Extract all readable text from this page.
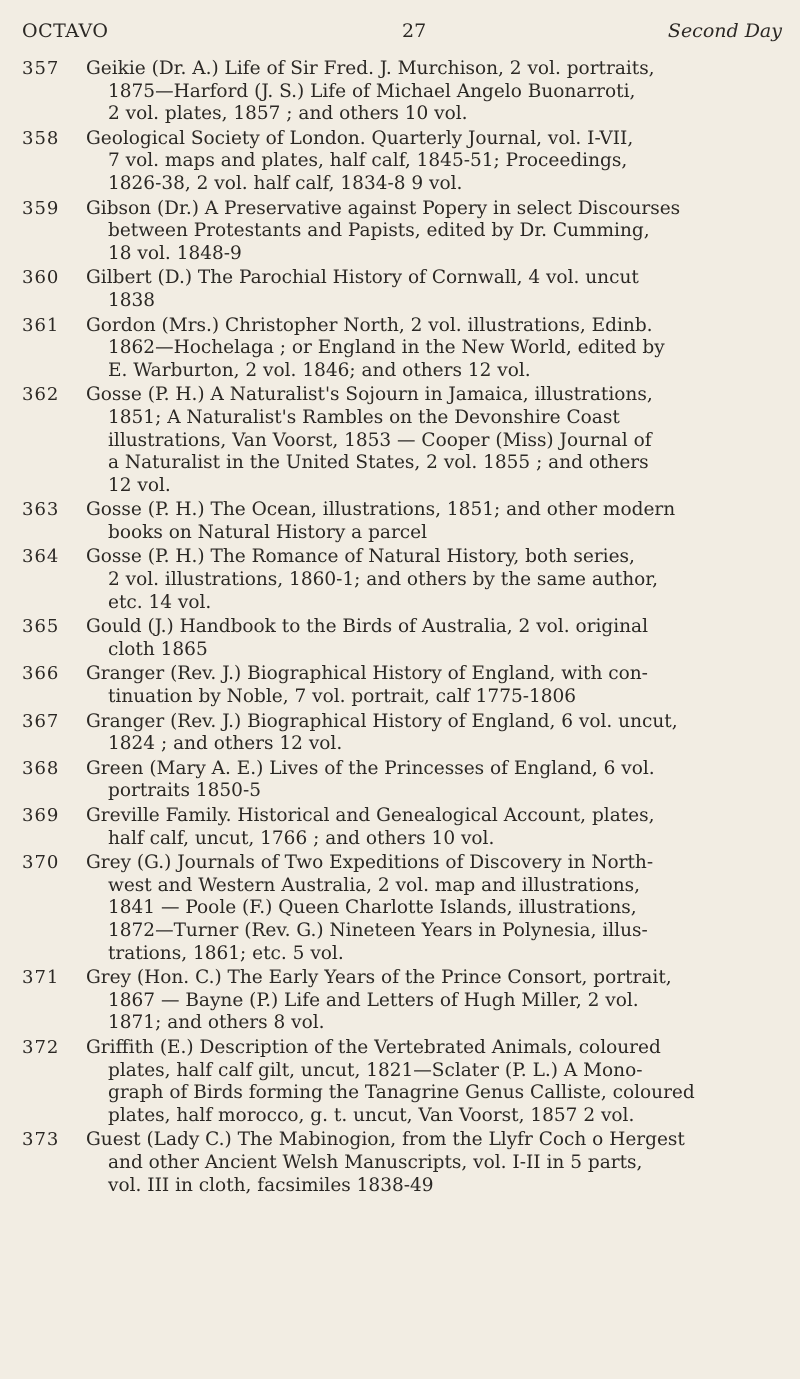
OCTAVO	27	Second Day
357 Geikie (Dr. A.) Life of Sir Fred. J. Murchison, 2 vol. portraits,
1875—Harford (J. S.) Life of Michael Angelo Buonarroti,
2 vol. plates, 1857 ; and others 10 vol.
358 Geological Society of London. Quarterly Journal, vol. I-VII,
7 vol. maps and plates, half calf, 1845-51; Proceedings,
1826-38, 2 vol. half calf, 1834-8 9 vol.
359 Gibson (Dr.) A Preservative against Popery in select Discourses
between Protestants and Papists, edited by Dr. Cumming,
18 vol. 1848-9
360 Gilbert (D.) The Parochial History of Cornwall, 4 vol. uncut
1838
361 Gordon (Mrs.) Christopher North, 2 vol. illustrations, Edinb.
1862—Hochelaga ; or England in the New World, edited by
E. Warburton, 2 vol. 1846; and others 12 vol.
362 Gosse (P. H.) A Naturalist's Sojourn in Jamaica, illustrations,
1851; A Naturalist's Rambles on the Devonshire Coast
illustrations, Van Voorst, 1853 — Cooper (Miss) Journal of
a Naturalist in the United States, 2 vol. 1855 ; and others
12 vol.
363 Gosse (P. H.) The Ocean, illustrations, 1851; and other modern
books on Natural History a parcel
364 Gosse (P. H.) The Romance of Natural History, both series,
2 vol. illustrations, 1860-1; and others by the same author,
etc. 14 vol.
365 Gould (J.) Handbook to the Birds of Australia, 2 vol. original
cloth 1865
366 Granger (Rev. J.) Biographical History of England, with con-
tinuation by Noble, 7 vol. portrait, calf 1775-1806
367 Granger (Rev. J.) Biographical History of England, 6 vol. uncut,
1824 ; and others 12 vol.
368 Green (Mary A. E.) Lives of the Princesses of England, 6 vol.
portraits 1850-5
369 Greville Family. Historical and Genealogical Account, plates,
half calf, uncut, 1766 ; and others 10 vol.
370 Grey (G.) Journals of Two Expeditions of Discovery in North-
west and Western Australia, 2 vol. map and illustrations,
1841 — Poole (F.) Queen Charlotte Islands, illustrations,
1872—Turner (Rev. G.) Nineteen Years in Polynesia, illus-
trations, 1861; etc. 5 vol.
371 Grey (Hon. C.) The Early Years of the Prince Consort, portrait,
1867 — Bayne (P.) Life and Letters of Hugh Miller, 2 vol.
1871; and others 8 vol.
372 Griffith (E.) Description of the Vertebrated Animals, coloured
plates, half calf gilt, uncut, 1821—Sclater (P. L.) A Mono-
graph of Birds forming the Tanagrine Genus Calliste, coloured
plates, half morocco, g. t. uncut, Van Voorst, 1857 2 vol.
373 Guest (Lady C.) The Mabinogion, from the Llyfr Coch o Hergest
and other Ancient Welsh Manuscripts, vol. I-II in 5 parts,
vol. III in cloth, facsimiles 1838-49
